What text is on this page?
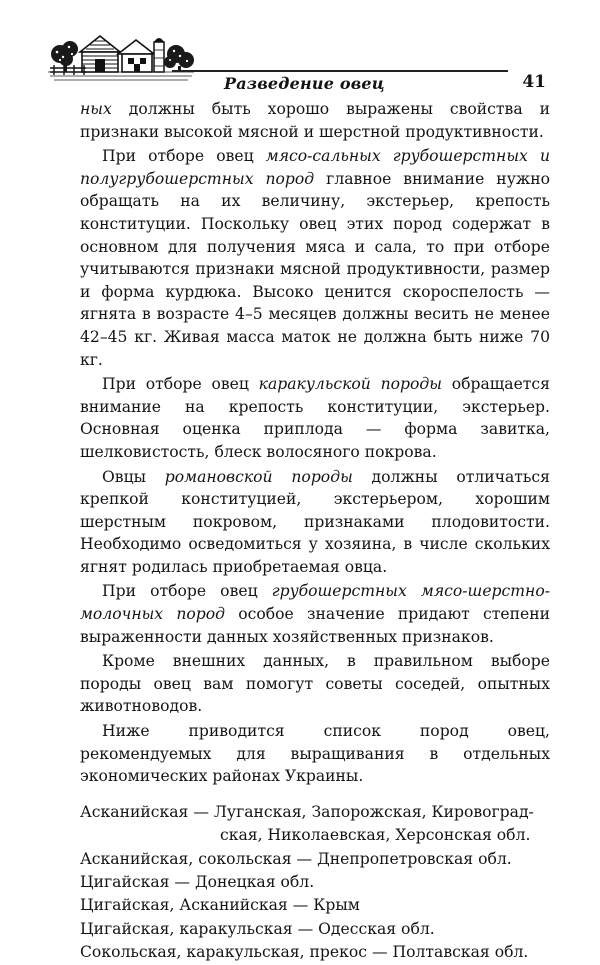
Разведение овец	41

ных должны быть хорошо выражены свойства и признаки высокой мясной и шерстной продуктивности.

При отборе овец мясо-сальных грубошерстных и полугрубошерстных пород главное внимание нужно обращать на их величину, экстерьер, крепость конституции. Поскольку овец этих пород содержат в основном для получения мяса и сала, то при отборе учитываются признаки мясной продуктивности, размер и форма курдюка. Высоко ценится скороспелость — ягнята в возрасте 4–5 месяцев должны весить не менее 42–45 кг. Живая масса маток не должна быть ниже 70 кг.

При отборе овец каракульской породы обращается внимание на крепость конституции, экстерьер. Основная оценка приплода — форма завитка, шелковистость, блеск волосяного покрова.

Овцы романовской породы должны отличаться крепкой конституцией, экстерьером, хорошим шерстным покровом, признаками плодовитости. Необходимо осведомиться у хозяина, в числе скольких ягнят родилась приобретаемая овца.

При отборе овец грубошерстных мясо-шерстно-молочных пород особое значение придают степени выраженности данных хозяйственных признаков.

Кроме внешних данных, в правильном выборе породы овец вам помогут советы соседей, опытных животноводов.

Ниже приводится список пород овец, рекомендуемых для выращивания в отдельных экономических районах Украины.

Асканийская — Луганская, Запорожская, Кировоград-
ская, Николаевская, Херсонская обл.
Асканийская, сокольская — Днепропетровская обл.
Цигайская — Донецкая обл.
Цигайская, Асканийская — Крым
Цигайская, каракульская — Одесская обл.
Сокольская, каракульская, прекос — Полтавская обл.
